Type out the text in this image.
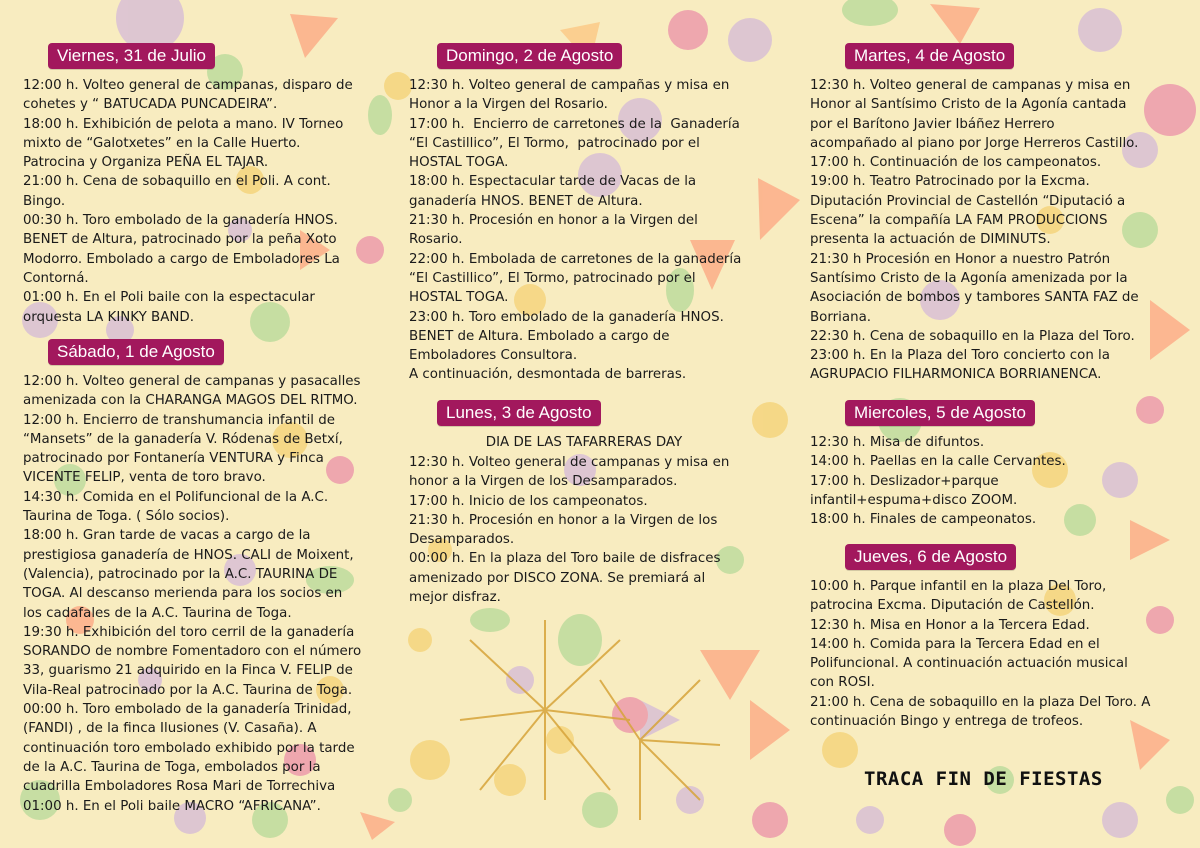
Viernes, 31 de Julio
12:00 h. Volteo general de campanas, disparo de
cohetes y “ BATUCADA PUNCADEIRA”.
18:00 h. Exhibición de pelota a mano. IV Torneo
mixto de “Galotxetes” en la Calle Huerto.
Patrocina y Organiza PEÑA EL TAJAR.
21:00 h. Cena de sobaquillo en el Poli. A cont.
Bingo.
00:30 h. Toro embolado de la ganadería HNOS.
BENET de Altura, patrocinado por la peña Xoto
Modorro. Embolado a cargo de Emboladores La
Contorná.
01:00 h. En el Poli baile con la espectacular
orquesta LA KINKY BAND.
Sábado, 1 de Agosto
12:00 h. Volteo general de campanas y pasacalles
amenizada con la CHARANGA MAGOS DEL RITMO.
12:00 h. Encierro de transhumancia infantil de
“Mansets” de la ganadería V. Ródenas de Betxí,
patrocinado por Fontanería VENTURA y Finca
VICENTE FELIP, venta de toro bravo.
14:30 h. Comida en el Polifuncional de la A.C.
Taurina de Toga. ( Sólo socios).
18:00 h. Gran tarde de vacas a cargo de la
prestigiosa ganadería de HNOS. CALI de Moixent,
(Valencia), patrocinado por la A.C. TAURINA DE
TOGA. Al descanso merienda para los socios en
los cadafales de la A.C. Taurina de Toga.
19:30 h. Exhibición del toro cerril de la ganadería
SORANDO de nombre Fomentadoro con el número
33, guarismo 21 adquirido en la Finca V. FELIP de
Vila-Real patrocinado por la A.C. Taurina de Toga.
00:00 h. Toro embolado de la ganadería Trinidad,
(FANDI) , de la finca Ilusiones (V. Casaña). A
continuación toro embolado exhibido por la tarde
de la A.C. Taurina de Toga, embolados por la
cuadrilla Emboladores Rosa Mari de Torrechiva
01:00 h. En el Poli baile MACRO “AFRICANA”.
Domingo, 2 de Agosto
12:30 h. Volteo general de campañas y misa en
Honor a la Virgen del Rosario.
17:00 h.  Encierro de carretones de la  Ganadería
“El Castillico”, El Tormo,  patrocinado por el
HOSTAL TOGA.
18:00 h. Espectacular tarde de Vacas de la
ganadería HNOS. BENET de Altura.
21:30 h. Procesión en honor a la Virgen del
Rosario.
22:00 h. Embolada de carretones de la ganadería
“El Castillico”, El Tormo, patrocinado por el
HOSTAL TOGA.
23:00 h. Toro embolado de la ganadería HNOS.
BENET de Altura. Embolado a cargo de
Emboladores Consultora.
A continuación, desmontada de barreras.
Lunes, 3 de Agosto
DIA DE LAS TAFARRERAS DAY
12:30 h. Volteo general de campanas y misa en
honor a la Virgen de los Desamparados.
17:00 h. Inicio de los campeonatos.
21:30 h. Procesión en honor a la Virgen de los
Desamparados.
00:00 h. En la plaza del Toro baile de disfraces
amenizado por DISCO ZONA. Se premiará al
mejor disfraz.
Martes, 4 de Agosto
12:30 h. Volteo general de campanas y misa en
Honor al Santísimo Cristo de la Agonía cantada
por el Barítono Javier Ibáñez Herrero
acompañado al piano por Jorge Herreros Castillo.
17:00 h. Continuación de los campeonatos.
19:00 h. Teatro Patrocinado por la Excma.
Diputación Provincial de Castellón “Diputació a
Escena” la compañía LA FAM PRODUCCIONS
presenta la actuación de DIMINUTS.
21:30 h Procesión en Honor a nuestro Patrón
Santísimo Cristo de la Agonía amenizada por la
Asociación de bombos y tambores SANTA FAZ de
Borriana.
22:30 h. Cena de sobaquillo en la Plaza del Toro.
23:00 h. En la Plaza del Toro concierto con la
AGRUPACIO FILHARMONICA BORRIANENCA.
Miercoles, 5 de Agosto
12:30 h. Misa de difuntos.
14:00 h. Paellas en la calle Cervantes.
17:00 h. Deslizador+parque
infantil+espuma+disco ZOOM.
18:00 h. Finales de campeonatos.
Jueves, 6 de Agosto
10:00 h. Parque infantil en la plaza Del Toro,
patrocina Excma. Diputación de Castellón.
12:30 h. Misa en Honor a la Tercera Edad.
14:00 h. Comida para la Tercera Edad en el
Polifuncional. A continuación actuación musical
con ROSI.
21:00 h. Cena de sobaquillo en la plaza Del Toro. A
continuación Bingo y entrega de trofeos.
TRACA FIN DE FIESTAS
